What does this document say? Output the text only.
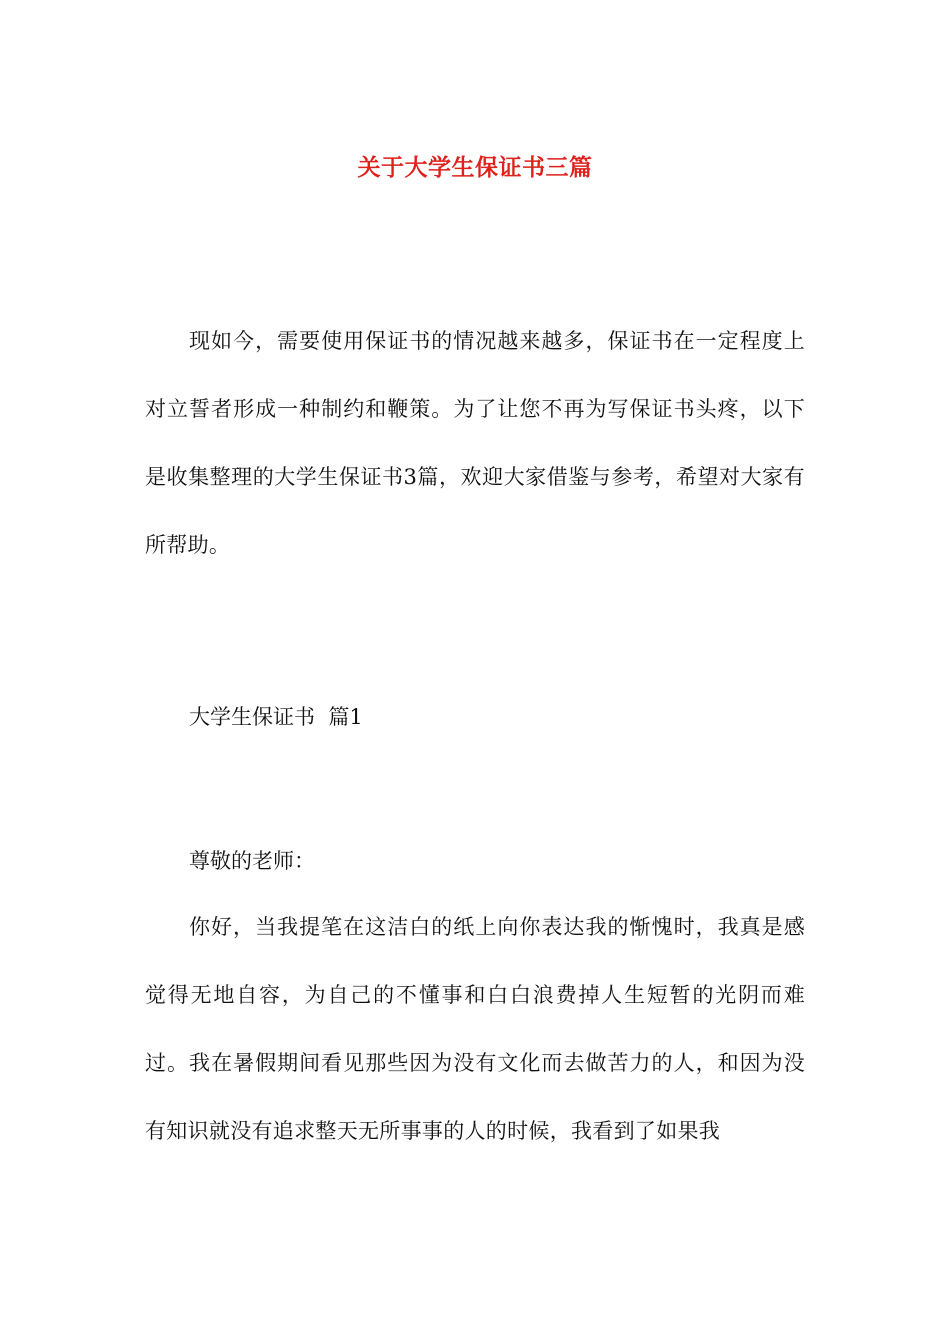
关于大学生保证书三篇

现如今，需要使用保证书的情况越来越多，保证书在一定程度上对立誓者形成一种制约和鞭策。为了让您不再为写保证书头疼，以下是收集整理的大学生保证书3篇，欢迎大家借鉴与参考，希望对大家有所帮助。

大学生保证书  篇1

尊敬的老师：

你好，当我提笔在这洁白的纸上向你表达我的惭愧时，我真是感觉得无地自容，为自己的不懂事和白白浪费掉人生短暂的光阴而难过。我在暑假期间看见那些因为没有文化而去做苦力的人，和因为没有知识就没有追求整天无所事事的人的时候，我看到了如果我
